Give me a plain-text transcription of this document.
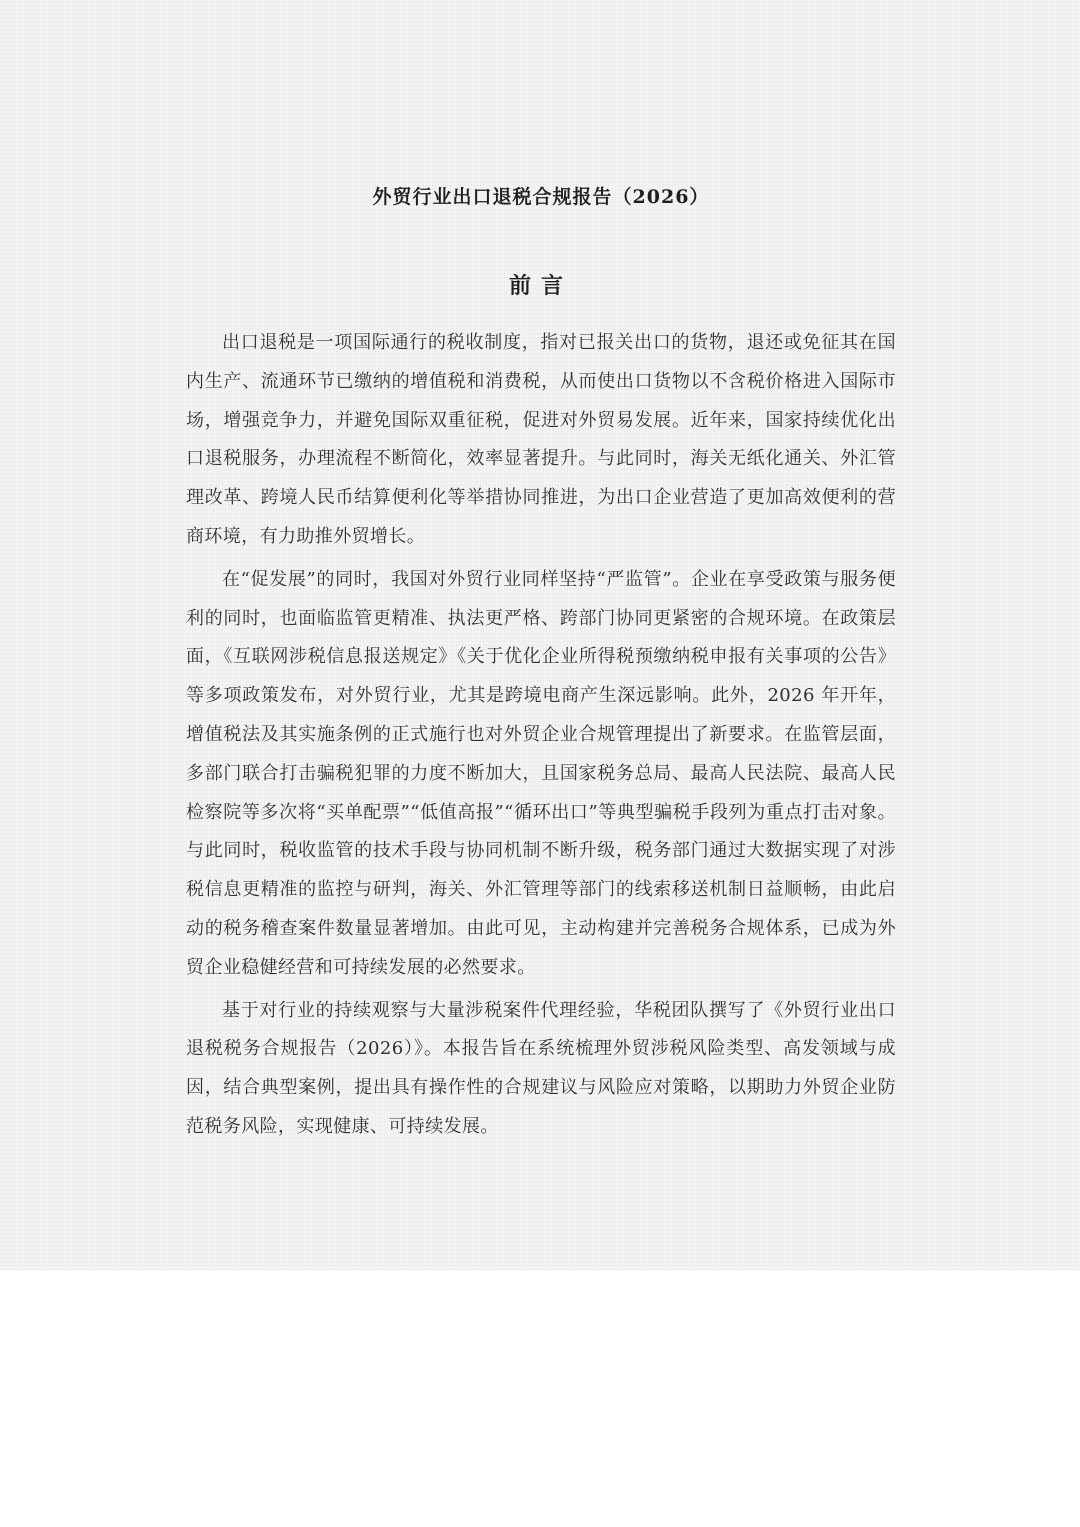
外贸行业出口退税合规报告（2026）
前言

出口退税是一项国际通行的税收制度，指对已报关出口的货物，退还或免征其在国内生产、流通环节已缴纳的增值税和消费税，从而使出口货物以不含税价格进入国际市场，增强竞争力，并避免国际双重征税，促进对外贸易发展。近年来，国家持续优化出口退税服务，办理流程不断简化，效率显著提升。与此同时，海关无纸化通关、外汇管理改革、跨境人民币结算便利化等举措协同推进，为出口企业营造了更加高效便利的营商环境，有力助推外贸增长。

在“促发展”的同时，我国对外贸行业同样坚持“严监管”。企业在享受政策与服务便利的同时，也面临监管更精准、执法更严格、跨部门协同更紧密的合规环境。在政策层面，《互联网涉税信息报送规定》《关于优化企业所得税预缴纳税申报有关事项的公告》等多项政策发布，对外贸行业，尤其是跨境电商产生深远影响。此外，2026 年开年，增值税法及其实施条例的正式施行也对外贸企业合规管理提出了新要求。在监管层面，多部门联合打击骗税犯罪的力度不断加大，且国家税务总局、最高人民法院、最高人民检察院等多次将“买单配票”“低值高报”“循环出口”等典型骗税手段列为重点打击对象。与此同时，税收监管的技术手段与协同机制不断升级，税务部门通过大数据实现了对涉税信息更精准的监控与研判，海关、外汇管理等部门的线索移送机制日益顺畅，由此启动的税务稽查案件数量显著增加。由此可见，主动构建并完善税务合规体系，已成为外贸企业稳健经营和可持续发展的必然要求。

基于对行业的持续观察与大量涉税案件代理经验，华税团队撰写了《外贸行业出口退税税务合规报告（2026）》。本报告旨在系统梳理外贸涉税风险类型、高发领域与成因，结合典型案例，提出具有操作性的合规建议与风险应对策略，以期助力外贸企业防范税务风险，实现健康、可持续发展。
